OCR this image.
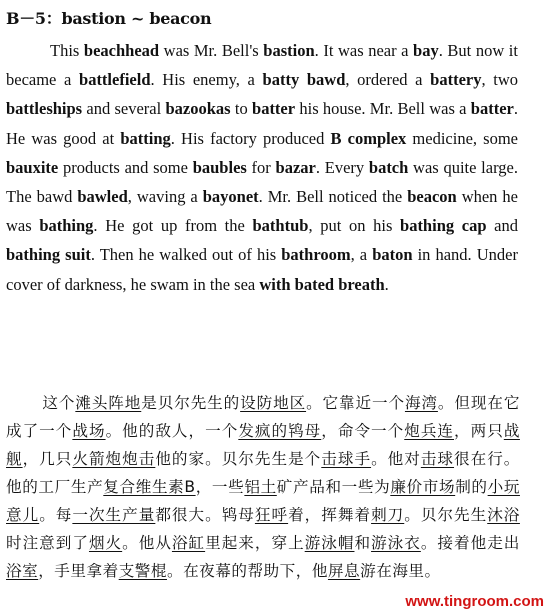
B－5：bastion ~ beacon
This beachhead was Mr. Bell's bastion. It was near a bay. But now it became a battlefield. His enemy, a batty bawd, ordered a battery, two battleships and several bazookas to batter his house. Mr. Bell was a batter. He was good at batting. His factory produced B complex medicine, some bauxite products and some baubles for bazar. Every batch was quite large. The bawd bawled, waving a bayonet. Mr. Bell noticed the beacon when he was bathing. He got up from the bathtub, put on his bathing cap and bathing suit. Then he walked out of his bathroom, a baton in hand. Under cover of darkness, he swam in the sea with bated breath.
这个滩头阵地是贝尔先生的设防地区。它靠近一个海湾。但现在它成了一个战场。他的敌人，一个发疯的鸨母，命令一个炮兵连，两只战舰，几只火箭炮炮击他的家。贝尔先生是个击球手。他对击球很在行。他的工厂生产复合维生素B，一些铝土矿产品和一些为廉价市场制的小玩意儿。每一次生产量都很大。鸨母狂呼着，挥舞着刺刀。贝尔先生沐浴时注意到了烟火。他从浴缸里起来，穿上游泳帽和游泳衣。接着他走出浴室，手里拿着支警棍。在夜幕的帮助下，他屏息游在海里。
www.tingroom.com
